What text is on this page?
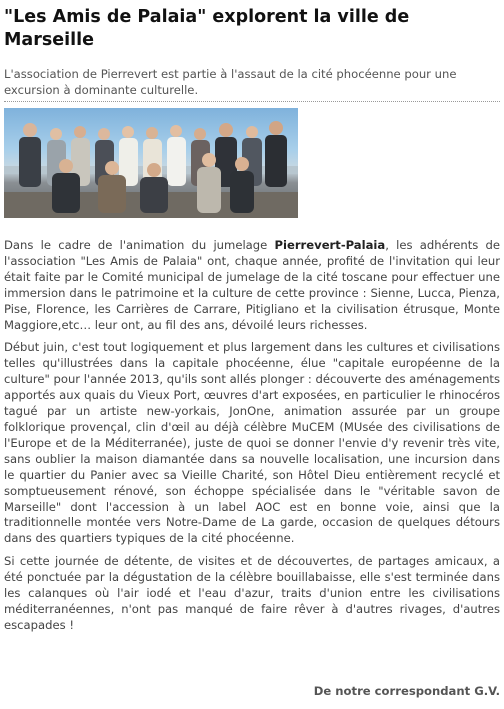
"Les Amis de Palaia" explorent la ville de Marseille

L'association de Pierrevert est partie à l'assaut de la cité phocéenne pour une excursion à dominante culturelle.

Dans le cadre de l'animation du jumelage Pierrevert-Palaia, les adhérents de l'association "Les Amis de Palaia" ont, chaque année, profité de l'invitation qui leur était faite par le Comité municipal de jumelage de la cité toscane pour effectuer une immersion dans le patrimoine et la culture de cette province : Sienne, Lucca, Pienza, Pise, Florence, les Carrières de Carrare, Pitigliano et la civilisation étrusque, Monte Maggiore,etc… leur ont, au fil des ans, dévoilé leurs richesses.

Début juin, c'est tout logiquement et plus largement dans les cultures et civilisations telles qu'illustrées dans la capitale phocéenne, élue "capitale européenne de la culture" pour l'année 2013, qu'ils sont allés plonger : découverte des aménagements apportés aux quais du Vieux Port, œuvres d'art exposées, en particulier le rhinocéros tagué par un artiste new-yorkais, JonOne, animation assurée par un groupe folklorique provençal, clin d'œil au déjà célèbre MuCEM (MUsée des civilisations de l'Europe et de la Méditerranée), juste de quoi se donner l'envie d'y revenir très vite, sans oublier la maison diamantée dans sa nouvelle localisation, une incursion dans le quartier du Panier avec sa Vieille Charité, son Hôtel Dieu entièrement recyclé et somptueusement rénové, son échoppe spécialisée dans le "véritable savon de Marseille" dont l'accession à un label AOC est en bonne voie, ainsi que la traditionnelle montée vers Notre-Dame de La garde, occasion de quelques détours dans des quartiers typiques de la cité phocéenne.

Si cette journée de détente, de visites et de découvertes, de partages amicaux, a été ponctuée par la dégustation de la célèbre bouillabaisse, elle s'est terminée dans les calanques où l'air iodé et l'eau d'azur, traits d'union entre les civilisations méditerranéennes, n'ont pas manqué de faire rêver à d'autres rivages, d'autres escapades !

De notre correspondant G.V.
